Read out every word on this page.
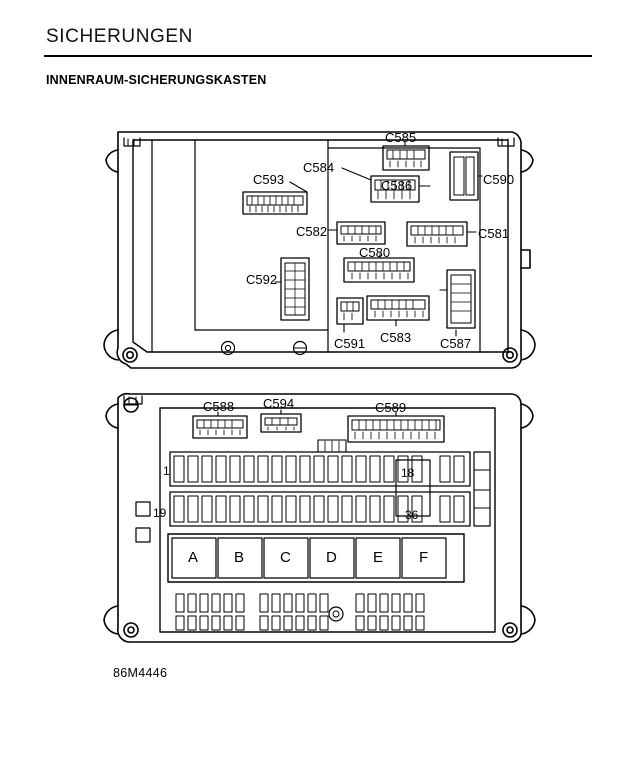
SICHERUNGEN
INNENRAUM-SICHERUNGSKASTEN
C585
C584
C593	C586	C590
C582	C581
C580
C592
C591 C583 C587
C588 C594	C589
1	18
19	36
A B C D E F
86M4446
